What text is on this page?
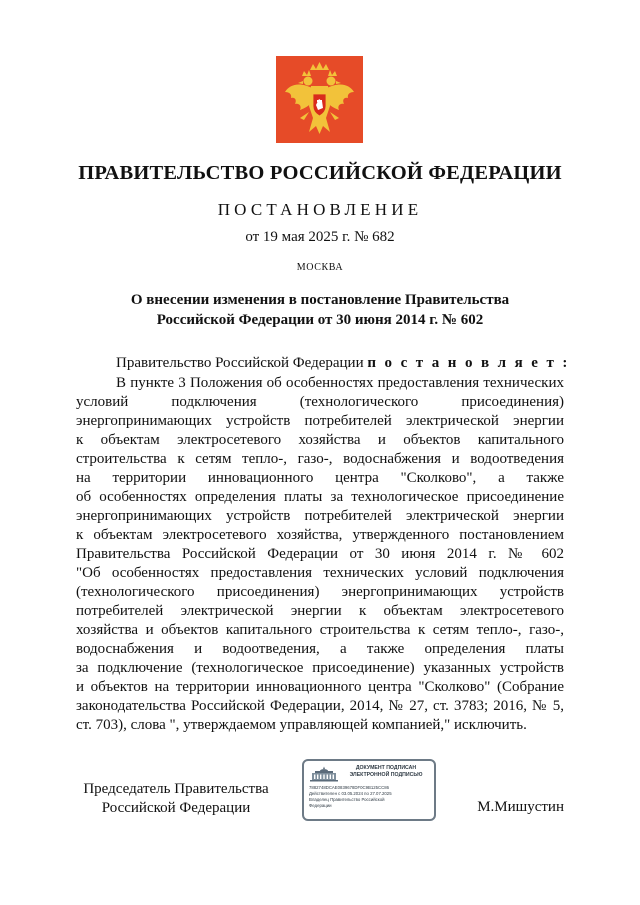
ПРАВИТЕЛЬСТВО РОССИЙСКОЙ ФЕДЕРАЦИИ
ПОСТАНОВЛЕНИЕ
от 19 мая 2025 г. № 682
МОСКВА
О внесении изменения в постановление Правительства
Российской Федерации от 30 июня 2014 г. № 602
Правительство Российской Федерации п о с т а н о в л я е т :
В пункте 3 Положения об особенностях предоставления технических
условий подключения (технологического присоединения)
энергопринимающих устройств потребителей электрической энергии
к объектам электросетевого хозяйства и объектов капитального
строительства к сетям тепло-, газо-, водоснабжения и водоотведения
на территории инновационного центра "Сколково", а также
об особенностях определения платы за технологическое присоединение
энергопринимающих устройств потребителей электрической энергии
к объектам электросетевого хозяйства, утвержденного постановлением
Правительства Российской Федерации от 30 июня 2014 г. № 602
"Об особенностях предоставления технических условий подключения
(технологического присоединения) энергопринимающих устройств
потребителей электрической энергии к объектам электросетевого
хозяйства и объектов капитального строительства к сетям тепло-, газо-,
водоснабжения и водоотведения, а также определения платы
за подключение (технологическое присоединение) указанных устройств
и объектов на территории инновационного центра "Сколково" (Собрание
законодательства Российской Федерации, 2014, № 27, ст. 3783; 2016, № 5,
ст. 703), слова ", утверждаемом управляющей компанией," исключить.
Председатель Правительства
Российской Федерации
ДОКУМЕНТ ПОДПИСАН
ЭЛЕКТРОННОЙ ПОДПИСЬЮ
7882748DCAE0839678DF0C9B125CC86
Действителен с 03.05.2024 по 27.07.2025
Владелец Правительство Российской
Федерации	М.Мишустин
